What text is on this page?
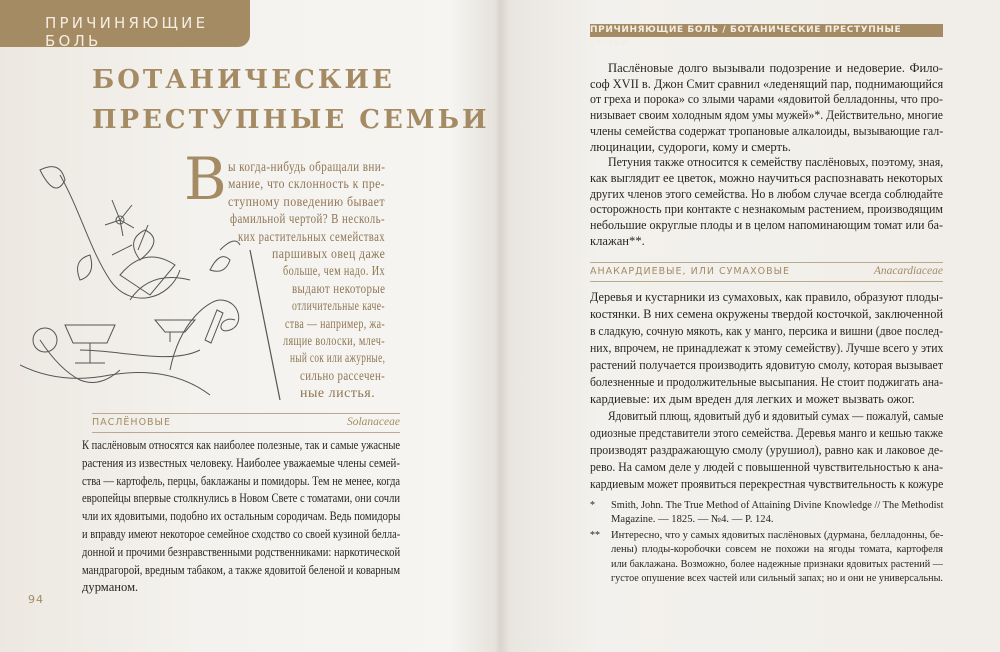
ПРИЧИНЯЮЩИЕ БОЛЬ
БОТАНИЧЕСКИЕ
ПРЕСТУПНЫЕ СЕМЬИ
В ы когда-нибудь обращали вни-
мание, что склонность к пре-
ступному поведению бывает
фамильной чертой? В несколь-
ких растительных семействах
паршивых овец даже
больше, чем надо. Их
выдают некоторые
отличительные каче-
ства — например, жа-
лящие волоски, млеч-
ный сок или ажурные,
сильно рассечен-
ные листья.
ПАСЛЁНОВЫЕ	Solanaceae
К паслёновым относятся как наиболее полезные, так и самые ужасные
растения из известных человеку. Наиболее уважаемые члены семей-
ства — картофель, перцы, баклажаны и помидоры. Тем не менее, когда
европейцы впервые столкнулись в Новом Свете с томатами, они сочли
чли их ядовитыми, подобно их остальным сородичам. Ведь помидоры
и вправду имеют некоторое семейное сходство со своей кузиной белла-
донной и прочими безнравственными родственниками: наркотической
мандрагорой, вредным табаком, а также ядовитой беленой и коварным
дурманом.
94
ПРИЧИНЯЮЩИЕ БОЛЬ / БОТАНИЧЕСКИЕ ПРЕСТУПНЫЕ СЕМЬИ
Паслёновые долго вызывали подозрение и недоверие. Фило-
соф XVII в. Джон Смит сравнил «леденящий пар, поднимающийся
от греха и порока» со злыми чарами «ядовитой белладонны, что про-
низывает своим холодным ядом умы мужей»*. Действительно, многие
члены семейства содержат тропановые алкалоиды, вызывающие гал-
люцинации, судороги, кому и смерть.
Петуния также относится к семейству паслёновых, поэтому, зная,
как выглядит ее цветок, можно научиться распознавать некоторых
других членов этого семейства. Но в любом случае всегда соблюдайте
осторожность при контакте с незнакомым растением, производящим
небольшие округлые плоды и в целом напоминающим томат или ба-
клажан**.
АНАКАРДИЕВЫЕ, ИЛИ СУМАХОВЫЕ	Anacardiaceae
Деревья и кустарники из сумаховых, как правило, образуют плоды-
костянки. В них семена окружены твердой косточкой, заключенной
в сладкую, сочную мякоть, как у манго, персика и вишни (двое послед-
них, впрочем, не принадлежат к этому семейству). Лучше всего у этих
растений получается производить ядовитую смолу, которая вызывает
болезненные и продолжительные высыпания. Не стоит поджигать ана-
кардиевые: их дым вреден для легких и может вызвать ожог.
Ядовитый плющ, ядовитый дуб и ядовитый сумах — пожалуй, самые
одиозные представители этого семейства. Деревья манго и кешью также
производят раздражающую смолу (урушиол), равно как и лаковое де-
рево. На самом деле у людей с повышенной чувствительностью к ана-
кардиевым может проявиться перекрестная чувствительность к кожуре
* Smith, John. The True Method of Attaining Divine Knowledge // The Methodist
Magazine. — 1825. — №4. — P. 124.
** Интересно, что у самых ядовитых паслёновых (дурмана, белладонны, бе-
лены) плоды-коробочки совсем не похожи на ягоды томата, картофеля
или баклажана. Возможно, более надежные признаки ядовитых растений —
густое опушение всех частей или сильный запах; но и они не универсальны.
